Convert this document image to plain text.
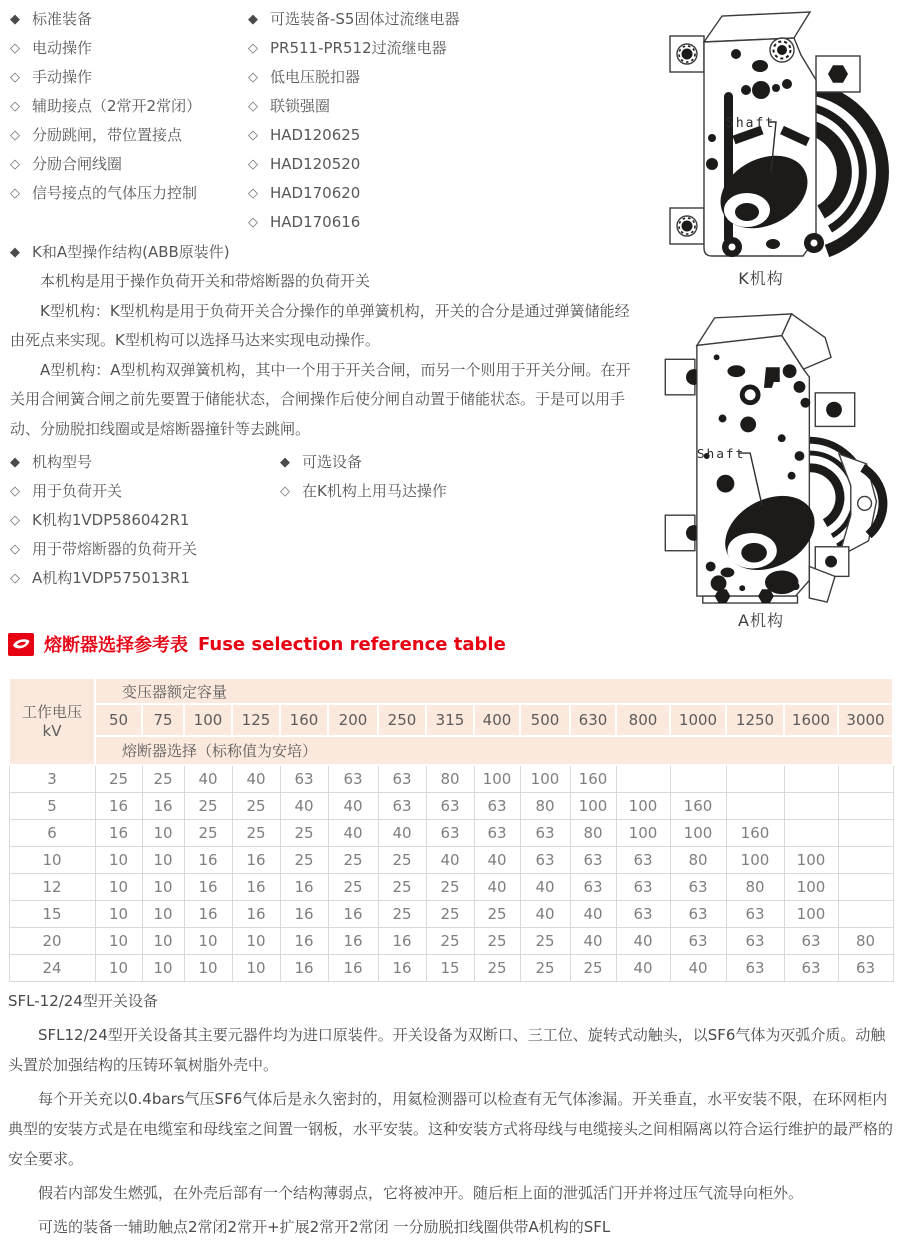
◆ 标准装备
◇ 电动操作
◇ 手动操作
◇ 辅助接点（2常开2常闭）
◇ 分励跳闸，带位置接点
◇ 分励合闸线圈
◇ 信号接点的气体压力控制
◆ 可选装备-S5固体过流继电器
◇ PR511-PR512过流继电器
◇ 低电压脱扣器
◇ 联锁强圈
◇ HAD120625
◇ HAD120520
◇ HAD170620
◇ HAD170616
Shaft
K机构
◆ K和A型操作结构(ABB原装件)

本机构是用于操作负荷开关和带熔断器的负荷开关

K型机构：K型机构是用于负荷开关合分操作的单弹簧机构，开关的合分是通过弹簧储能经由死点来实现。K型机构可以选择马达来实现电动操作。

A型机构：A型机构双弹簧机构，其中一个用于开关合闸，而另一个则用于开关分闸。在开关用合闸簧合闸之前先要置于储能状态，合闸操作后使分闸自动置于储能状态。于是可以用手动、分励脱扣线圈或是熔断器撞针等去跳闸。

◆ 机构型号
◇ 用于负荷开关
◇ K机构1VDP586042R1
◇ 用于带熔断器的负荷开关
◇ A机构1VDP575013R1
◆ 可选设备
◇ 在K机构上用马达操作
Shaft
A机构
熔断器选择参考表 Fuse selection reference table
工作电压
kV	变压器额定容量															
	50	75	100	125	160	200	250	315	400	500	630	800	1000	1250	1600	3000
	熔断器选择（标称值为安培）															
3	25	25	40	40	63	63	63	80	100	100	160					
5	16	16	25	25	40	40	63	63	63	80	100	100	160			
6	16	10	25	25	25	40	40	63	63	63	80	100	100	160		
10	10	10	16	16	25	25	25	40	40	63	63	63	80	100	100	
12	10	10	16	16	16	25	25	25	40	40	63	63	63	80	100	
15	10	10	16	16	16	16	25	25	25	40	40	63	63	63	100	
20	10	10	10	10	16	16	16	25	25	25	40	40	63	63	63	80
24	10	10	10	10	16	16	16	15	25	25	25	40	40	63	63	63

SFL-12/24型开关设备

SFL12/24型开关设备其主要元器件均为进口原装件。开关设备为双断口、三工位、旋转式动触头，以SF6气体为灭弧介质。动触头置於加强结构的压铸环氧树脂外壳中。

每个开关充以0.4bars气压SF6气体后是永久密封的，用氦检测器可以检查有无气体渗漏。开关垂直，水平安装不限，在环网柜内典型的安装方式是在电缆室和母线室之间置一钢板，水平安装。这种安装方式将母线与电缆接头之间相隔离以符合运行维护的最严格的安全要求。

假若内部发生燃弧，在外壳后部有一个结构薄弱点，它将被冲开。随后柜上面的泄弧活门开并将过压气流导向柜外。

可选的装备一辅助触点2常闭2常开+扩展2常开2常闭 一分励脱扣线圈供带A机构的SFL
